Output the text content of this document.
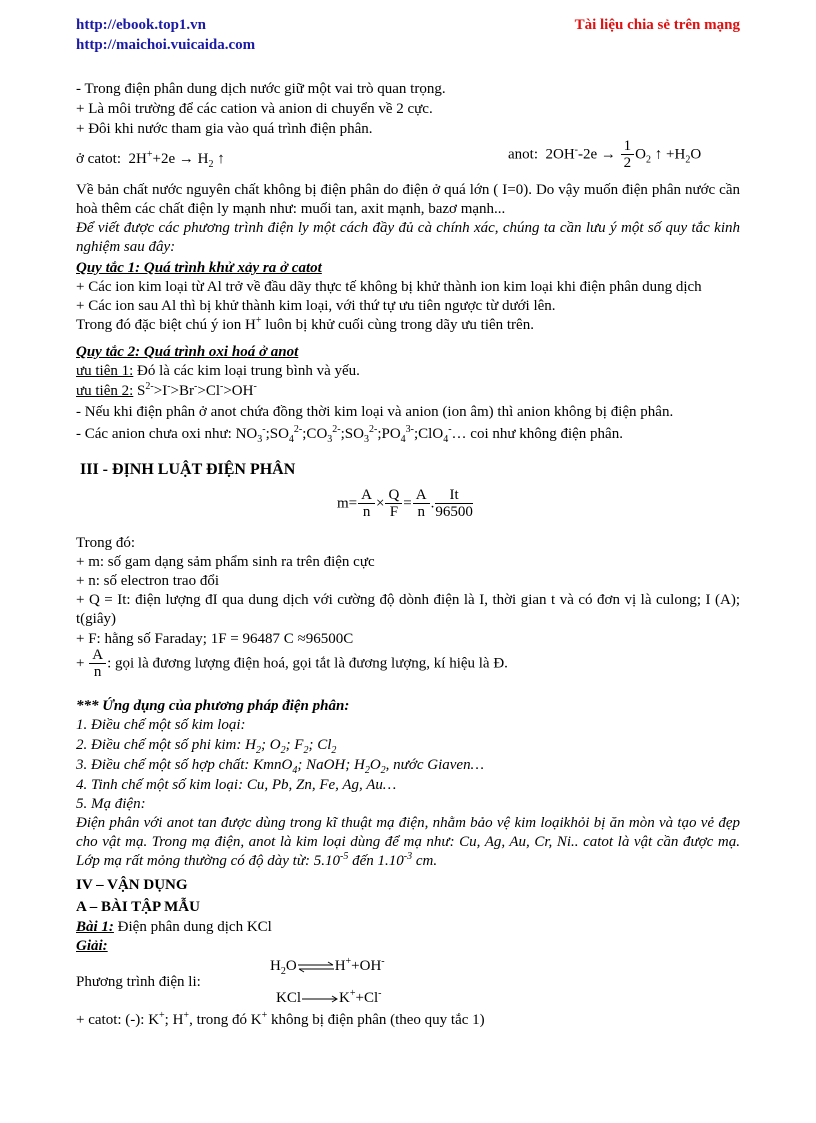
http://ebook.top1.vn
http://maichoi.vuicaida.com
Tài liệu chia sẻ trên mạng
- Trong điện phân dung dịch nước giữ một vai trò quan trọng.
+ Là môi trường để các cation và anion di chuyển về 2 cực.
+ Đôi khi nước tham gia vào quá trình điện phân.
ở catot:  $2H^++2e \to H_2$ ↑	anot:  $2OH^--2e \to \frac{1}{2} O_2$ ↑ $+H_2O$
Về bản chất nước nguyên chất không bị điện phân do điện ở quá lớn ( I=0). Do vậy muốn điện phân nước cần hoà thêm các chất điện ly mạnh như: muối tan, axit mạnh, bazơ mạnh...
Để viết được các phương trình điện ly một cách đầy đủ cà chính xác, chúng ta cần lưu ý một số quy tắc kinh nghiệm sau đây:
Quy tắc 1: Quá trình khử xảy ra ở catot
+ Các ion kim loại từ Al trở về đầu dãy thực tế không bị khử thành ion kim loại khi điện phân dung dịch
+ Các ion sau Al thì bị khử thành kim loại, với thứ tự ưu tiên ngược từ dưới lên.
Trong đó đặc biệt chú ý ion H+ luôn bị khử cuối cùng trong dãy ưu tiên trên.
Quy tắc 2: Quá trình oxi hoá ở anot
ưu tiên 1: Đó là các kim loại trung bình và yếu.
ưu tiên 2: $S^{2-}>I^->Br^->Cl^->OH^-$
- Nếu khi điện phân ở anot chứa đồng thời kim loại và anion (ion âm) thì anion không bị điện phân.
- Các anion chưa oxi như: $NO_3^-;SO_4^{2-};CO_3^{2-};SO_3^{2-};PO_4^{3-};ClO_4^-\dots$ coi như không điện phân.
III - ĐỊNH LUẬT ĐIỆN PHÂN
$m= \frac{A}{n} \times \frac{Q}{F} = \frac{A}{n}$ . $\frac{It}{96500}$
Trong đó:
+ m: số gam dạng sảm phẩm sinh ra trên điện cực
+ n: số electron trao đổi
+ Q = It: điện lượng đI qua dung dịch với cường độ dònh điện là I, thời gian t và có đơn vị là culong; I (A); t(giây)
+ F: hằng số Faraday; 1F = 96487 C ≈96500C
+ $\frac{A}{n}$ : gọi là đương lượng điện hoá, gọi tắt là đương lượng, kí hiệu là Đ.
*** Ứng dụng của phương pháp điện phân:
1. Điều chế một số kim loại:
2. Điều chế một số phi kim: $H_2$; $O_2$; $F_2$; $Cl_2$
3. Điều chế một số hợp chất: KmnO$_4$; NaOH; $H_2O_2$, nước Giaven…
4. Tinh chế một số kim loại: Cu, Pb, Zn, Fe, Ag, Au…
5. Mạ điện:
Điện phân với anot tan được dùng trong kĩ thuật mạ điện, nhằm bảo vệ kim loạikhỏi bị ăn mòn và tạo vẻ đẹp cho vật mạ. Trong mạ điện, anot là kim loại dùng để mạ như: Cu, Ag, Au, Cr, Ni.. catot là vật cần được mạ. Lớp mạ rất mỏng thường có độ dày từ: $5.10^{-5}$ đến $1.10^{-3}$ cm.
IV – VẬN DỤNG
A – BÀI TẬP MẪU
Bài 1: Điện phân dung dịch KCl
Giải:
Phương trình điện li:
$H_2O\rightleftharpoons H^++OH^-$
KCl	K++Cl-
+ catot: (-): K+; H+, trong đó K+ không bị điện phân (theo quy tắc 1)
